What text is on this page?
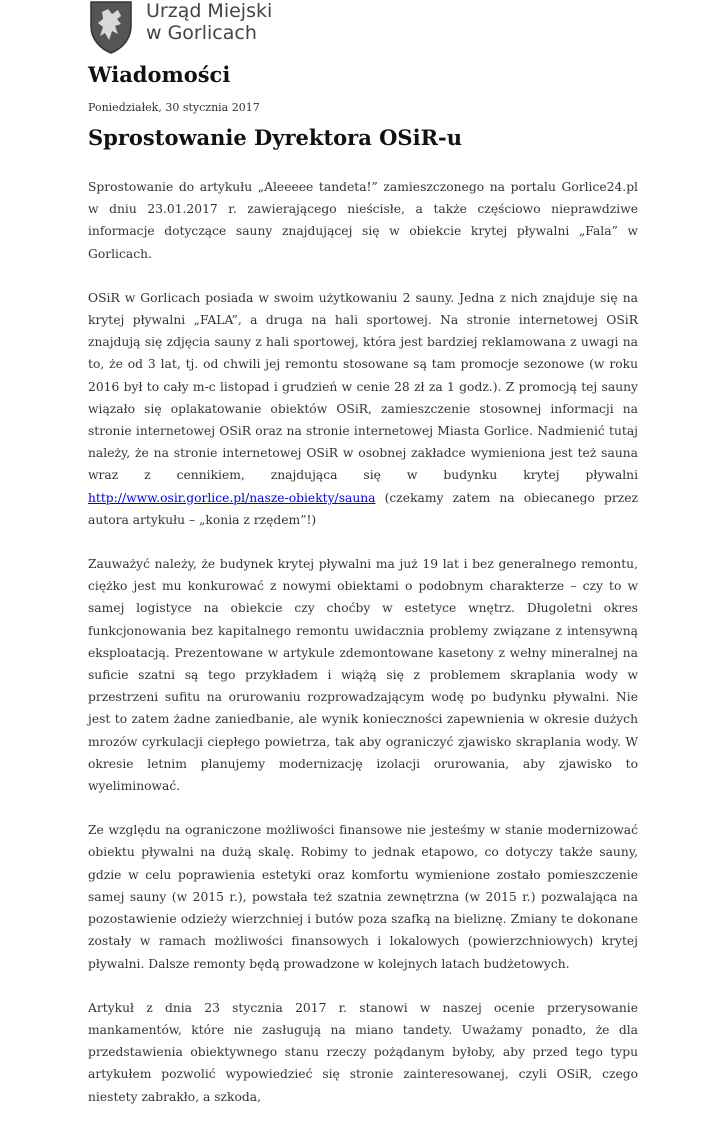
Urząd Miejski
w Gorlicach
Wiadomości
Poniedziałek, 30 stycznia 2017
Sprostowanie Dyrektora OSiR-u

Sprostowanie do artykułu „Aleeeee tandeta!” zamieszczonego na portalu Gorlice24.pl w dniu 23.01.2017 r. zawierającego nieścisłe, a także częściowo nieprawdziwe informacje dotyczące sauny znajdującej się w obiekcie krytej pływalni „Fala” w Gorlicach.

OSiR w Gorlicach posiada w swoim użytkowaniu 2 sauny. Jedna z nich znajduje się na krytej pływalni „FALA”, a druga na hali sportowej. Na stronie internetowej OSiR znajdują się zdjęcia sauny z hali sportowej, która jest bardziej reklamowana z uwagi na to, że od 3 lat, tj. od chwili jej remontu stosowane są tam promocje sezonowe (w roku 2016 był to cały m-c listopad i grudzień w cenie 28 zł za 1 godz.). Z promocją tej sauny wiązało się oplakatowanie obiektów OSiR, zamieszczenie stosownej informacji na stronie internetowej OSiR oraz na stronie internetowej Miasta Gorlice. Nadmienić tutaj należy, że na stronie internetowej OSiR w osobnej zakładce wymieniona jest też sauna wraz z cennikiem, znajdująca się w budynku krytej pływalni http://www.osir.gorlice.pl/nasze-obiekty/sauna (czekamy zatem na obiecanego przez autora artykułu – „konia z rzędem”!)

Zauważyć należy, że budynek krytej pływalni ma już 19 lat i bez generalnego remontu, ciężko jest mu konkurować z nowymi obiektami o podobnym charakterze – czy to w samej logistyce na obiekcie czy choćby w estetyce wnętrz. Długoletni okres funkcjonowania bez kapitalnego remontu uwidacznia problemy związane z intensywną eksploatacją. Prezentowane w artykule zdemontowane kasetony z wełny mineralnej na suficie szatni są tego przykładem i wiążą się z problemem skraplania wody w przestrzeni sufitu na orurowaniu rozprowadzającym wodę po budynku pływalni. Nie jest to zatem żadne zaniedbanie, ale wynik konieczności zapewnienia w okresie dużych mrozów cyrkulacji ciepłego powietrza, tak aby ograniczyć zjawisko skraplania wody. W okresie letnim planujemy modernizację izolacji orurowania, aby zjawisko to wyeliminować.

Ze względu na ograniczone możliwości finansowe nie jesteśmy w stanie modernizować obiektu pływalni na dużą skalę. Robimy to jednak etapowo, co dotyczy także sauny, gdzie w celu poprawienia estetyki oraz komfortu wymienione zostało pomieszczenie samej sauny (w 2015 r.), powstała też szatnia zewnętrzna (w 2015 r.) pozwalająca na pozostawienie odzieży wierzchniej i butów poza szafką na bieliznę. Zmiany te dokonane zostały w ramach możliwości finansowych i lokalowych (powierzchniowych) krytej pływalni. Dalsze remonty będą prowadzone w kolejnych latach budżetowych.

Artykuł z dnia 23 stycznia 2017 r. stanowi w naszej ocenie przerysowanie mankamentów, które nie zasługują na miano tandety. Uważamy ponadto, że dla przedstawienia obiektywnego stanu rzeczy pożądanym byłoby, aby przed tego typu artykułem pozwolić wypowiedzieć się stronie zainteresowanej, czyli OSiR, czego niestety zabrakło, a szkoda,
